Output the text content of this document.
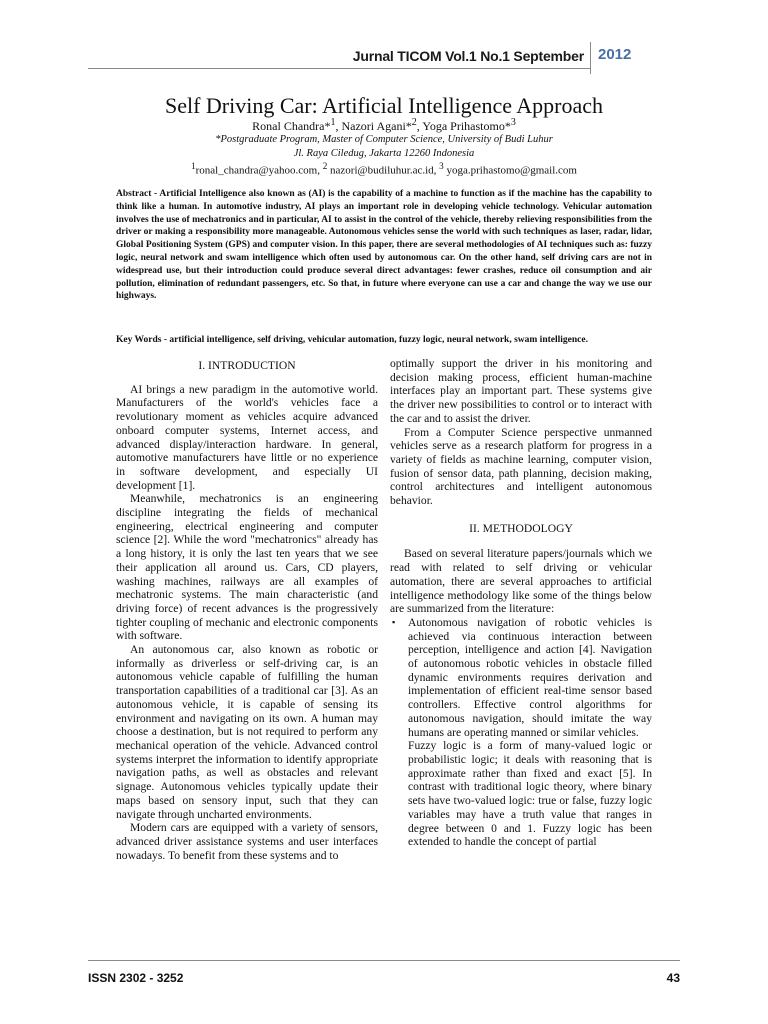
Jurnal TICOM Vol.1 No.1 September 2012
Self Driving Car: Artificial Intelligence Approach
Ronal Chandra*$^1$, Nazori Agani*$^2$, Yoga Prihastomo*$^3$
*Postgraduate Program, Master of Computer Science, University of Budi Luhur
Jl. Raya Ciledug, Jakarta 12260 Indonesia
$^1$ronal_chandra@yahoo.com, $^2$ nazori@budiluhur.ac.id, $^3$ yoga.prihastomo@gmail.com
Abstract - Artificial Intelligence also known as (AI) is the capability of a machine to function as if the machine has the capability to think like a human. In automotive industry, AI plays an important role in developing vehicle technology. Vehicular automation involves the use of mechatronics and in particular, AI to assist in the control of the vehicle, thereby relieving responsibilities from the driver or making a responsibility more manageable. Autonomous vehicles sense the world with such techniques as laser, radar, lidar, Global Positioning System (GPS) and computer vision. In this paper, there are several methodologies of AI techniques such as: fuzzy logic, neural network and swam intelligence which often used by autonomous car. On the other hand, self driving cars are not in widespread use, but their introduction could produce several direct advantages: fewer crashes, reduce oil consumption and air pollution, elimination of redundant passengers, etc. So that, in future where everyone can use a car and change the way we use our highways.
Key Words - artificial intelligence, self driving, vehicular automation, fuzzy logic, neural network, swam intelligence.
I. INTRODUCTION

AI brings a new paradigm in the automotive world. Manufacturers of the world's vehicles face a revolutionary moment as vehicles acquire advanced onboard computer systems, Internet access, and advanced display/interaction hardware. In general, automotive manufacturers have little or no experience in software development, and especially UI development [1].

Meanwhile, mechatronics is an engineering discipline integrating the fields of mechanical engineering, electrical engineering and computer science [2]. While the word "mechatronics" already has a long history, it is only the last ten years that we see their application all around us. Cars, CD players, washing machines, railways are all examples of mechatronic systems. The main characteristic (and driving force) of recent advances is the progressively tighter coupling of mechanic and electronic components with software.

An autonomous car, also known as robotic or informally as driverless or self-driving car, is an autonomous vehicle capable of fulfilling the human transportation capabilities of a traditional car [3]. As an autonomous vehicle, it is capable of sensing its environment and navigating on its own. A human may choose a destination, but is not required to perform any mechanical operation of the vehicle. Advanced control systems interpret the information to identify appropriate navigation paths, as well as obstacles and relevant signage. Autonomous vehicles typically update their maps based on sensory input, such that they can navigate through uncharted environments.

Modern cars are equipped with a variety of sensors, advanced driver assistance systems and user interfaces nowadays. To benefit from these systems and to

optimally support the driver in his monitoring and decision making process, efficient human-machine interfaces play an important part. These systems give the driver new possibilities to control or to interact with the car and to assist the driver.

From a Computer Science perspective unmanned vehicles serve as a research platform for progress in a variety of fields as machine learning, computer vision, fusion of sensor data, path planning, decision making, control architectures and intelligent autonomous behavior.

II. METHODOLOGY

Based on several literature papers/journals which we read with related to self driving or vehicular automation, there are several approaches to artificial intelligence methodology like some of the things below are summarized from the literature:

▪ Autonomous navigation of robotic vehicles is achieved via continuous interaction between perception, intelligence and action [4]. Navigation of autonomous robotic vehicles in obstacle filled dynamic environments requires derivation and implementation of efficient real-time sensor based controllers. Effective control algorithms for autonomous navigation, should imitate the way humans are operating manned or similar vehicles.
Fuzzy logic is a form of many-valued logic or probabilistic logic; it deals with reasoning that is approximate rather than fixed and exact [5]. In contrast with traditional logic theory, where binary sets have two-valued logic: true or false, fuzzy logic variables may have a truth value that ranges in degree between 0 and 1. Fuzzy logic has been extended to handle the concept of partial
ISSN 2302 - 3252	43
